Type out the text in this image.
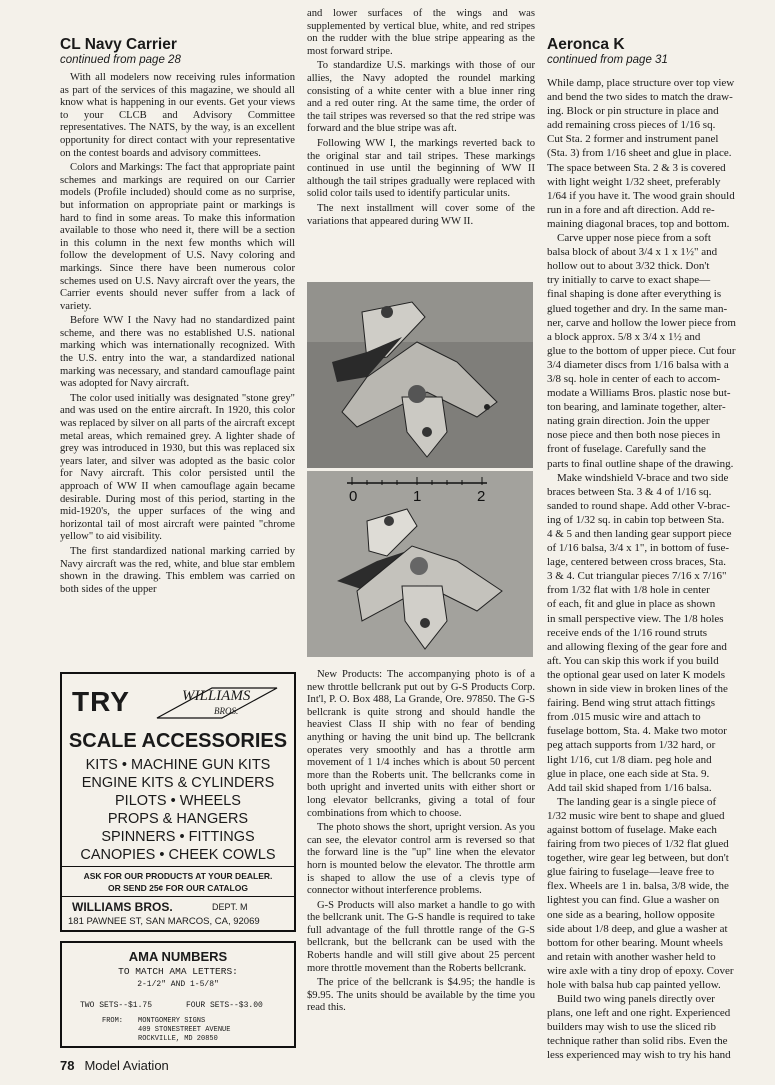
CL Navy Carrier
continued from page 28

With all modelers now receiving rules information as part of the services of this magazine, we should all know what is happening in our events. Get your views to your CLCB and Advisory Committee representatives. The NATS, by the way, is an excellent opportunity for direct contact with your representative on the contest boards and advisory committees.

Colors and Markings: The fact that appropriate paint schemes and markings are required on our Carrier models (Profile included) should come as no surprise, but information on appropriate paint or markings is hard to find in some areas. To make this information available to those who need it, there will be a section in this column in the next few months which will follow the development of U.S. Navy coloring and markings. Since there have been numerous color schemes used on U.S. Navy aircraft over the years, the Carrier events should never suffer from a lack of variety.

Before WW I the Navy had no standardized paint scheme, and there was no established U.S. national marking which was internationally recognized. With the U.S. entry into the war, a standardized national marking was necessary, and standard camouflage paint was adopted for Navy aircraft.

The color used initially was designated "stone grey" and was used on the entire aircraft. In 1920, this color was replaced by silver on all parts of the aircraft except metal areas, which remained grey. A lighter shade of grey was introduced in 1930, but this was replaced six years later, and silver was adopted as the basic color for Navy aircraft. This color persisted until the approach of WW II when camouflage again became desirable. During most of this period, starting in the mid-1920's, the upper surfaces of the wing and horizontal tail of most aircraft were painted "chrome yellow" to aid visibility.

The first standardized national marking carried by Navy aircraft was the red, white, and blue star emblem shown in the drawing. This emblem was carried on both sides of the upper

and lower surfaces of the wings and was supplemented by vertical blue, white, and red stripes on the rudder with the blue stripe appearing as the most forward stripe.

To standardize U.S. markings with those of our allies, the Navy adopted the roundel marking consisting of a white center with a blue inner ring and a red outer ring. At the same time, the order of the tail stripes was reversed so that the red stripe was forward and the blue stripe was aft.

Following WW I, the markings reverted back to the original star and tail stripes. These markings continued in use until the beginning of WW II although the tail stripes gradually were replaced with solid color tails used to identify particular units.

The next installment will cover some of the variations that appeared during WW II.

0	1	2

New Products: The accompanying photo is of a new throttle bellcrank put out by G-S Products Corp. Int'l, P. O. Box 488, La Grande, Ore. 97850. The G-S bellcrank is quite strong and should handle the heaviest Class II ship with no fear of bending anything or having the unit bind up. The bellcrank operates very smoothly and has a throttle arm movement of 1 1/4 inches which is about 50 percent more than the Roberts unit. The bellcranks come in both upright and inverted units with either short or long elevator bellcranks, giving a total of four combinations from which to choose.

The photo shows the short, upright version. As you can see, the elevator control arm is reversed so that the forward line is the "up" line when the elevator horn is mounted below the elevator. The throttle arm is shaped to allow the use of a clevis type of connector without interference problems.

G-S Products will also market a handle to go with the bellcrank unit. The G-S handle is required to take full advantage of the full throttle range of the G-S bellcrank, but the bellcrank can be used with the Roberts handle and will still give about 25 percent more throttle movement than the Roberts bellcrank.

The price of the bellcrank is $4.95; the handle is $9.95. The units should be available by the time you read this.

Aeronca K
continued from page 31

While damp, place structure over top view

and bend the two sides to match the draw-

ing. Block or pin structure in place and

add remaining cross pieces of 1/16 sq.

Cut Sta. 2 former and instrument panel

(Sta. 3) from 1/16 sheet and glue in place.

The space between Sta. 2 & 3 is covered

with light weight 1/32 sheet, preferably

1/64 if you have it. The wood grain should

run in a fore and aft direction. Add re-

maining diagonal braces, top and bottom.

Carve upper nose piece from a soft

balsa block of about 3/4 x 1 x 1½" and

hollow out to about 3/32 thick. Don't

try initially to carve to exact shape—

final shaping is done after everything is

glued together and dry. In the same man-

ner, carve and hollow the lower piece from

a block approx. 5/8 x 3/4 x 1½ and

glue to the bottom of upper piece. Cut four

3/4 diameter discs from 1/16 balsa with a

3/8 sq. hole in center of each to accom-

modate a Williams Bros. plastic nose but-

ton bearing, and laminate together, alter-

nating grain direction. Join the upper

nose piece and then both nose pieces in

front of fuselage. Carefully sand the

parts to final outline shape of the drawing.

Make windshield V-brace and two side

braces between Sta. 3 & 4 of 1/16 sq.

sanded to round shape. Add other V-brac-

ing of 1/32 sq. in cabin top between Sta.

4 & 5 and then landing gear support piece

of 1/16 balsa, 3/4 x 1", in bottom of fuse-

lage, centered between cross braces, Sta.

3 & 4. Cut triangular pieces 7/16 x 7/16"

from 1/32 flat with 1/8 hole in center

of each, fit and glue in place as shown

in small perspective view. The 1/8 holes

receive ends of the 1/16 round struts

and allowing flexing of the gear fore and

aft. You can skip this work if you build

the optional gear used on later K models

shown in side view in broken lines of the

fairing. Bend wing strut attach fittings

from .015 music wire and attach to

fuselage bottom, Sta. 4. Make two motor

peg attach supports from 1/32 hard, or

light 1/16, cut 1/8 diam. peg hole and

glue in place, one each side at Sta. 9.

Add tail skid shaped from 1/16 balsa.

The landing gear is a single piece of

1/32 music wire bent to shape and glued

against bottom of fuselage. Make each

fairing from two pieces of 1/32 flat glued

together, wire gear leg between, but don't

glue fairing to fuselage—leave free to

flex. Wheels are 1 in. balsa, 3/8 wide, the

lightest you can find. Glue a washer on

one side as a bearing, hollow opposite

side about 1/8 deep, and glue a washer at

bottom for other bearing. Mount wheels

and retain with another washer held to

wire axle with a tiny drop of epoxy. Cover

hole with balsa hub cap painted yellow.

Build two wing panels directly over

plans, one left and one right. Experienced

builders may wish to use the sliced rib

technique rather than solid ribs. Even the

less experienced may wish to try his hand

TRY	WILLIAMS
BROS.
SCALE ACCESSORIES
KITS • MACHINE GUN KITS
ENGINE KITS & CYLINDERS
PILOTS • WHEELS
PROPS & HANGERS
SPINNERS • FITTINGS
CANOPIES • CHEEK COWLS
ASK FOR OUR PRODUCTS AT YOUR DEALER.
OR SEND 25¢ FOR OUR CATALOG
WILLIAMS BROS.	DEPT. M
181 PAWNEE ST, SAN MARCOS, CA, 92069
AMA NUMBERS
TO MATCH AMA LETTERS:
2-1/2" AND 1-5/8"
TWO SETS--$1.75	FOUR SETS--$3.00
FROM: MONTGOMERY SIGNS
409 STONESTREET AVENUE
ROCKVILLE, MD 20850
78 Model Aviation
